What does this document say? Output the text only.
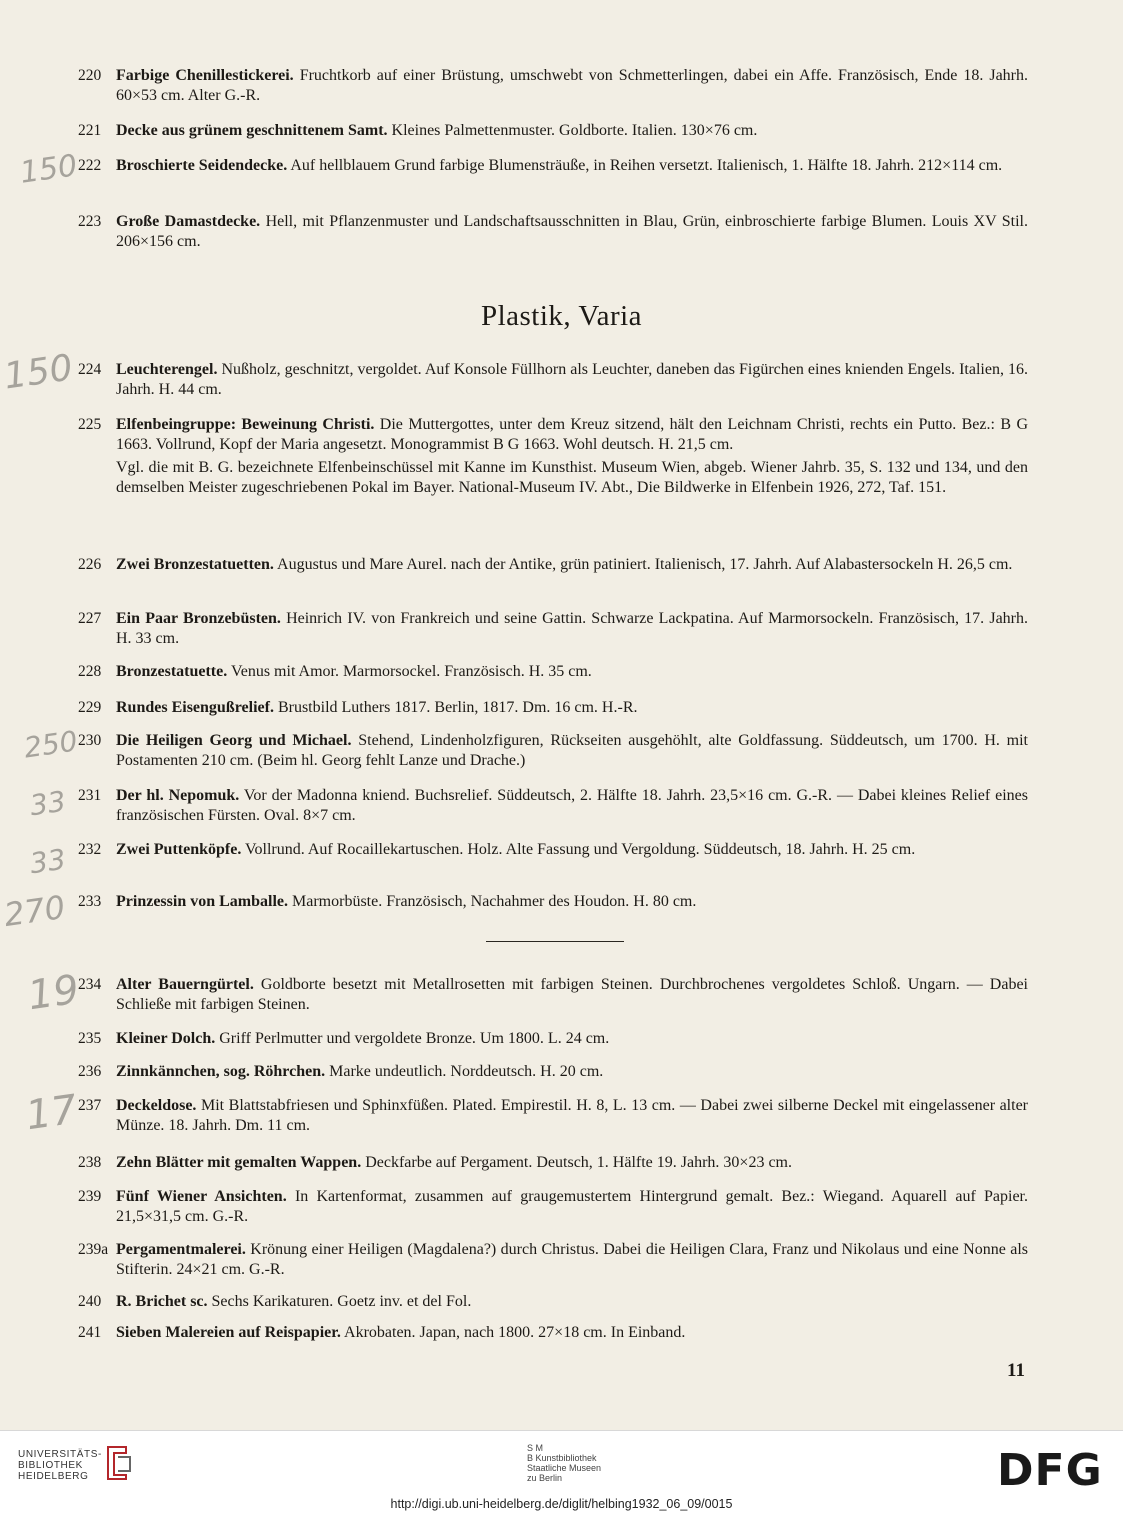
220 Farbige Chenillestickerei. Fruchtkorb auf einer Brüstung, umschwebt von Schmetterlingen, dabei ein Affe. Französisch, Ende 18. Jahrh. 60×53 cm. Alter G.-R.
221 Decke aus grünem geschnittenem Samt. Kleines Palmettenmuster. Goldborte. Italien. 130×76 cm.
222 Broschierte Seidendecke. Auf hellblauem Grund farbige Blumensträuße, in Reihen versetzt. Italienisch, 1. Hälfte 18. Jahrh. 212×114 cm.
223 Große Damastdecke. Hell, mit Pflanzenmuster und Landschaftsausschnitten in Blau, Grün, einbroschierte farbige Blumen. Louis XV Stil. 206×156 cm.
Plastik, Varia
224 Leuchterengel. Nußholz, geschnitzt, vergoldet. Auf Konsole Füllhorn als Leuchter, daneben das Figürchen eines knienden Engels. Italien, 16. Jahrh. H. 44 cm.
225 Elfenbeingruppe: Beweinung Christi. Die Muttergottes, unter dem Kreuz sitzend, hält den Leichnam Christi, rechts ein Putto. Bez.: B G 1663. Vollrund, Kopf der Maria angesetzt. Monogrammist B G 1663. Wohl deutsch. H. 21,5 cm.
Vgl. die mit B. G. bezeichnete Elfenbeinschüssel mit Kanne im Kunsthist. Museum Wien, abgeb. Wiener Jahrb. 35, S. 132 und 134, und den demselben Meister zugeschriebenen Pokal im Bayer. National-Museum IV. Abt., Die Bildwerke in Elfenbein 1926, 272, Taf. 151.
226 Zwei Bronzestatuetten. Augustus und Mare Aurel. nach der Antike, grün patiniert. Italienisch, 17. Jahrh. Auf Alabastersockeln H. 26,5 cm.
227 Ein Paar Bronzebüsten. Heinrich IV. von Frankreich und seine Gattin. Schwarze Lackpatina. Auf Marmorsockeln. Französisch, 17. Jahrh. H. 33 cm.
228 Bronzestatuette. Venus mit Amor. Marmorsockel. Französisch. H. 35 cm.
229 Rundes Eisengußrelief. Brustbild Luthers 1817. Berlin, 1817. Dm. 16 cm. H.-R.
230 Die Heiligen Georg und Michael. Stehend, Lindenholzfiguren, Rückseiten ausgehöhlt, alte Goldfassung. Süddeutsch, um 1700. H. mit Postamenten 210 cm. (Beim hl. Georg fehlt Lanze und Drache.)
231 Der hl. Nepomuk. Vor der Madonna kniend. Buchsrelief. Süddeutsch, 2. Hälfte 18. Jahrh. 23,5×16 cm. G.-R. — Dabei kleines Relief eines französischen Fürsten. Oval. 8×7 cm.
232 Zwei Puttenköpfe. Vollrund. Auf Rocaillekartuschen. Holz. Alte Fassung und Vergoldung. Süddeutsch, 18. Jahrh. H. 25 cm.
233 Prinzessin von Lamballe. Marmorbüste. Französisch, Nachahmer des Houdon. H. 80 cm.
234 Alter Bauerngürtel. Goldborte besetzt mit Metallrosetten mit farbigen Steinen. Durchbrochenes vergoldetes Schloß. Ungarn. — Dabei Schließe mit farbigen Steinen.
235 Kleiner Dolch. Griff Perlmutter und vergoldete Bronze. Um 1800. L. 24 cm.
236 Zinnkännchen, sog. Röhrchen. Marke undeutlich. Norddeutsch. H. 20 cm.
237 Deckeldose. Mit Blattstabfriesen und Sphinxfüßen. Plated. Empirestil. H. 8, L. 13 cm. — Dabei zwei silberne Deckel mit eingelassener alter Münze. 18. Jahrh. Dm. 11 cm.
238 Zehn Blätter mit gemalten Wappen. Deckfarbe auf Pergament. Deutsch, 1. Hälfte 19. Jahrh. 30×23 cm.
239 Fünf Wiener Ansichten. In Kartenformat, zusammen auf graugemustertem Hintergrund gemalt. Bez.: Wiegand. Aquarell auf Papier. 21,5×31,5 cm. G.-R.
239a Pergamentmalerei. Krönung einer Heiligen (Magdalena?) durch Christus. Dabei die Heiligen Clara, Franz und Nikolaus und eine Nonne als Stifterin. 24×21 cm. G.-R.
240 R. Brichet sc. Sechs Karikaturen. Goetz inv. et del Fol.
241 Sieben Malereien auf Reispapier. Akrobaten. Japan, nach 1800. 27×18 cm. In Einband.
11
150
150
250
33
33
270
19
17
UNIVERSITÄTS-
BIBLIOTHEK
HEIDELBERG
S M
B Kunstbibliothek
Staatliche Museen
zu Berlin	DFG
http://digi.ub.uni-heidelberg.de/diglit/helbing1932_06_09/0015
